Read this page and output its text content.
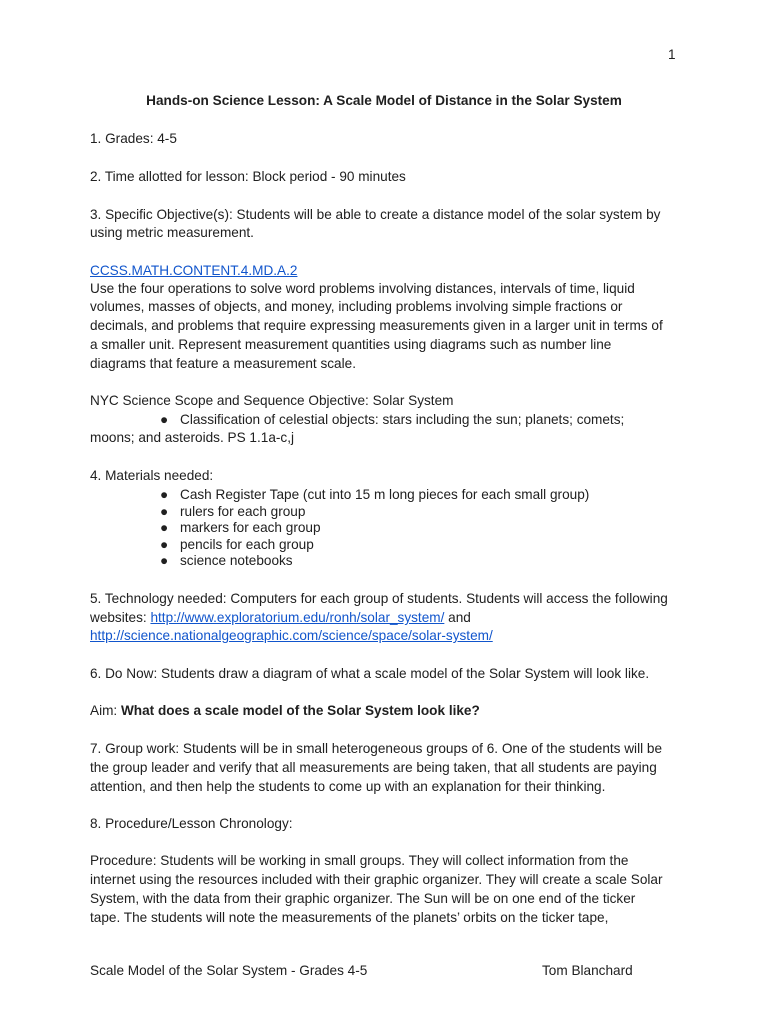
1
Hands-on Science Lesson: A Scale Model of Distance in the Solar System
1. Grades: 4-5
2. Time allotted for lesson: Block period - 90 minutes
3. Specific Objective(s): Students will be able to create a distance model of the solar system by
using metric measurement.
CCSS.MATH.CONTENT.4.MD.A.2
Use the four operations to solve word problems involving distances, intervals of time, liquid
volumes, masses of objects, and money, including problems involving simple fractions or
decimals, and problems that require expressing measurements given in a larger unit in terms of
a smaller unit. Represent measurement quantities using diagrams such as number line
diagrams that feature a measurement scale.
NYC Science Scope and Sequence Objective: Solar System
● Classification of celestial objects: stars including the sun; planets; comets;
moons; and asteroids. PS 1.1a-c,j
4. Materials needed:
● Cash Register Tape (cut into 15 m long pieces for each small group)
● rulers for each group
● markers for each group
● pencils for each group
● science notebooks
5. Technology needed: Computers for each group of students. Students will access the following
websites: http://www.exploratorium.edu/ronh/solar_system/ and
http://science.nationalgeographic.com/science/space/solar-system/
6. Do Now: Students draw a diagram of what a scale model of the Solar System will look like.
Aim: What does a scale model of the Solar System look like?
7. Group work: Students will be in small heterogeneous groups of 6. One of the students will be
the group leader and verify that all measurements are being taken, that all students are paying
attention, and then help the students to come up with an explanation for their thinking.
8. Procedure/Lesson Chronology:
Procedure: Students will be working in small groups. They will collect information from the
internet using the resources included with their graphic organizer. They will create a scale Solar
System, with the data from their graphic organizer. The Sun will be on one end of the ticker
tape. The students will note the measurements of the planets’ orbits on the ticker tape,
Scale Model of the Solar System - Grades 4-5	Tom Blanchard
